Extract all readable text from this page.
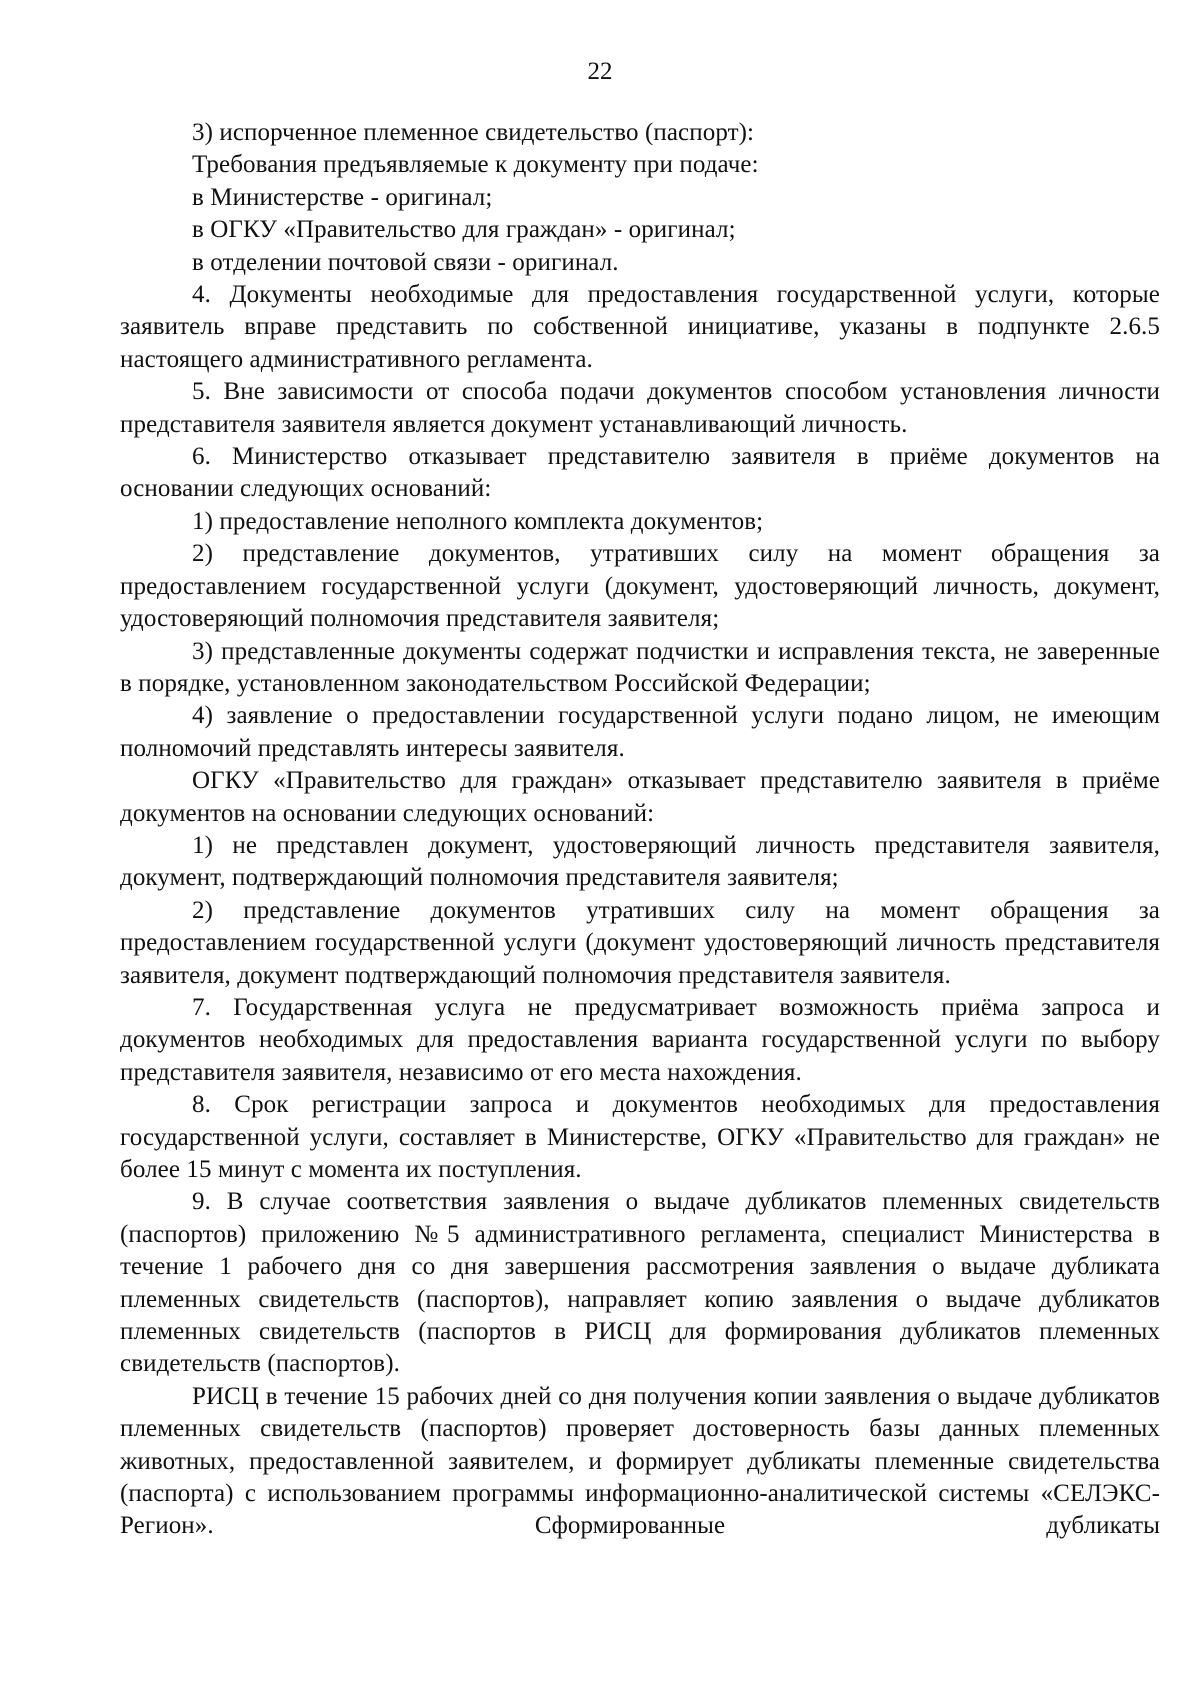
22

3) испорченное племенное свидетельство (паспорт):

Требования предъявляемые к документу при подаче:

в Министерстве - оригинал;

в ОГКУ «Правительство для граждан» - оригинал;

в отделении почтовой связи - оригинал.

4. Документы необходимые для предоставления государственной услуги, которые заявитель вправе представить по собственной инициативе, указаны в подпункте 2.6.5 настоящего административного регламента.

5. Вне зависимости от способа подачи документов способом установления личности представителя заявителя является документ устанавливающий личность.

6. Министерство отказывает представителю заявителя в приёме документов на основании следующих оснований:

1) предоставление неполного комплекта документов;

2) представление документов, утративших силу на момент обращения за предоставлением государственной услуги (документ, удостоверяющий личность, документ, удостоверяющий полномочия представителя заявителя;

3) представленные документы содержат подчистки и исправления текста, не заверенные в порядке, установленном законодательством Российской Федерации;

4) заявление о предоставлении государственной услуги подано лицом, не имеющим полномочий представлять интересы заявителя.

ОГКУ «Правительство для граждан» отказывает представителю заявителя в приёме документов на основании следующих оснований:

1) не представлен документ, удостоверяющий личность представителя заявителя, документ, подтверждающий полномочия представителя заявителя;

2) представление документов утративших силу на момент обращения за предоставлением государственной услуги (документ удостоверяющий личность представителя заявителя, документ подтверждающий полномочия представителя заявителя.

7. Государственная услуга не предусматривает возможность приёма запроса и документов необходимых для предоставления варианта государственной услуги по выбору представителя заявителя, независимо от его места нахождения.

8. Срок регистрации запроса и документов необходимых для предоставления государственной услуги, составляет в Министерстве, ОГКУ «Правительство для граждан» не более 15 минут с момента их поступления.

9. В случае соответствия заявления о выдаче дубликатов племенных свидетельств (паспортов) приложению №5 административного регламента, специалист Министерства в течение 1 рабочего дня со дня завершения рассмотрения заявления о выдаче дубликата племенных свидетельств (паспортов), направляет копию заявления о выдаче дубликатов племенных свидетельств (паспортов в РИСЦ для формирования дубликатов племенных свидетельств (паспортов).

РИСЦ в течение 15 рабочих дней со дня получения копии заявления о выдаче дубликатов племенных свидетельств (паспортов) проверяет достоверность базы данных племенных животных, предоставленной заявителем, и формирует дубликаты племенные свидетельства (паспорта) с использованием программы информационно-аналитической системы «СЕЛЭКС-Регион». Сформированные дубликаты
